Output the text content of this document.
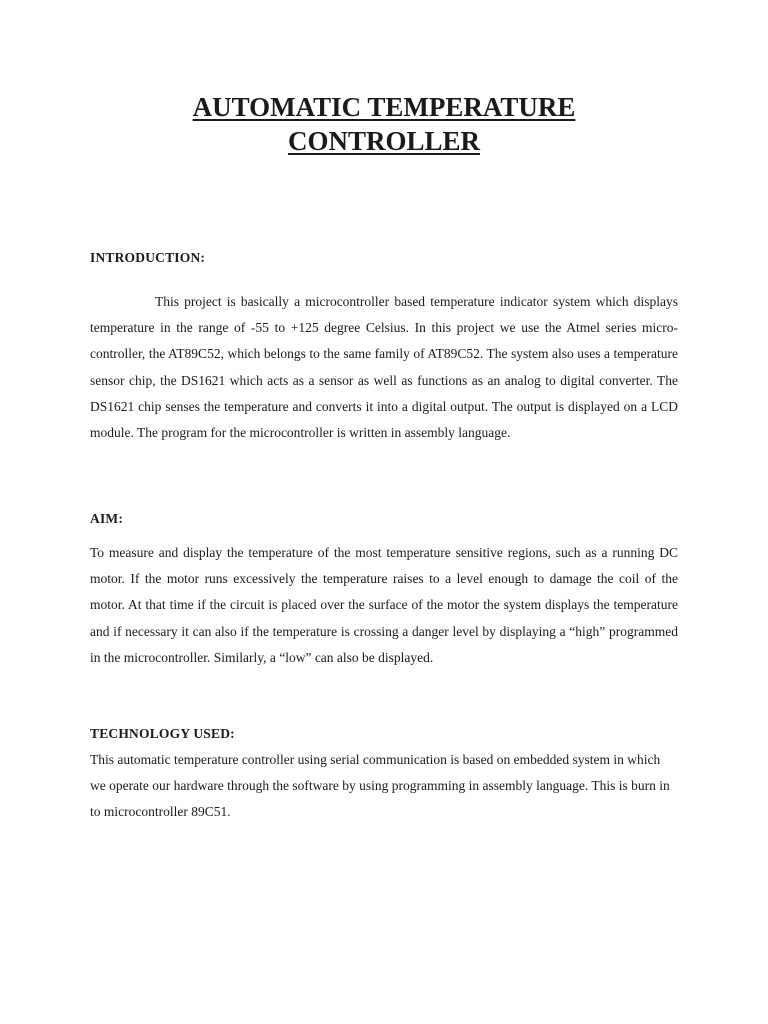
AUTOMATIC TEMPERATURE
CONTROLLER
INTRODUCTION:

This project is basically a microcontroller based temperature indicator system which displays temperature in the range of -55 to +125 degree Celsius. In this project we use the Atmel series micro- controller, the AT89C52, which belongs to the same family of AT89C52. The system also uses a temperature sensor chip, the DS1621 which acts as a sensor as well as functions as an analog to digital converter. The DS1621 chip senses the temperature and converts it into a digital output. The output is displayed on a LCD module. The program for the microcontroller is written in assembly language.

AIM:

To measure and display the temperature of the most temperature sensitive regions, such as a running DC motor. If the motor runs excessively the temperature raises to a level enough to damage the coil of the motor. At that time if the circuit is placed over the surface of the motor the system displays the temperature and if necessary it can also if the temperature is crossing a danger level by displaying a “high” programmed in the microcontroller. Similarly, a “low” can also be displayed.

TECHNOLOGY USED:

This automatic temperature controller using serial communication is based on embedded system in which we operate our hardware through the software by using programming in assembly language. This is burn in to microcontroller 89C51.
